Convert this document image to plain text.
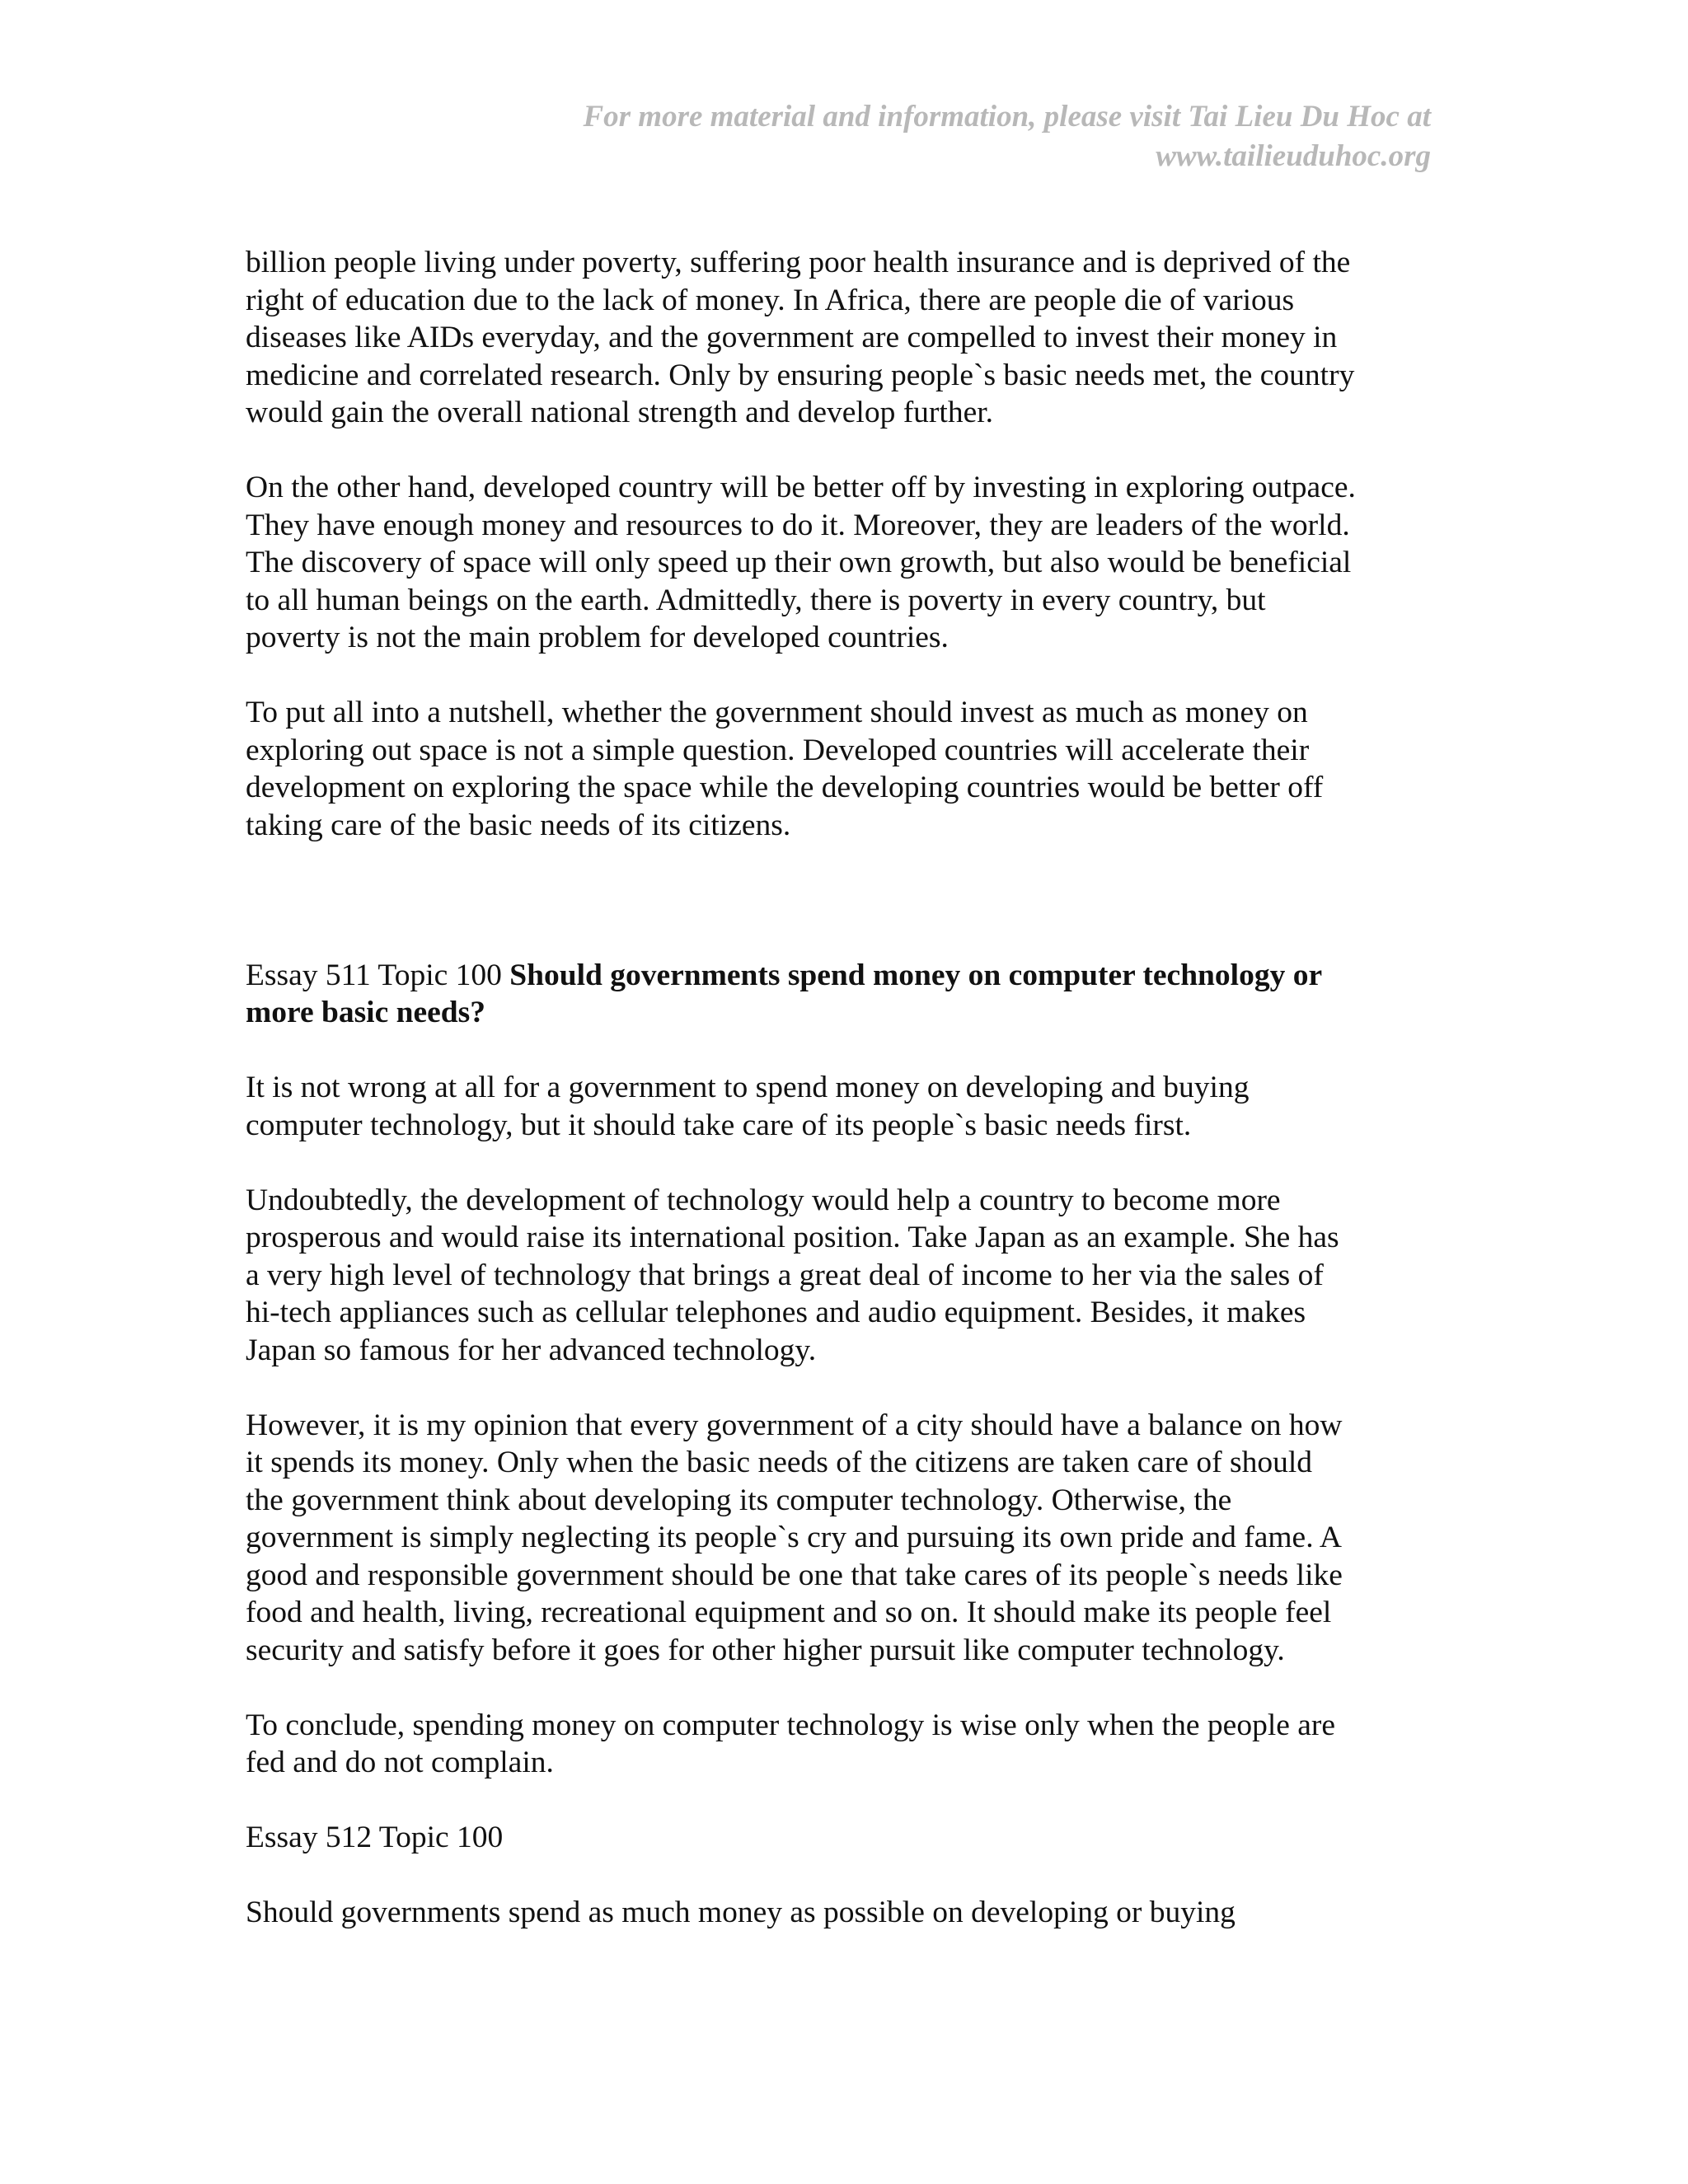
For more material and information, please visit Tai Lieu Du Hoc at
www.tailieuduhoc.org

billion people living under poverty, suffering poor health insurance and is deprived of the
right of education due to the lack of money. In Africa, there are people die of various
diseases like AIDs everyday, and the government are compelled to invest their money in
medicine and correlated research. Only by ensuring people`s basic needs met, the country
would gain the overall national strength and develop further.

On the other hand, developed country will be better off by investing in exploring outpace.
They have enough money and resources to do it. Moreover, they are leaders of the world.
The discovery of space will only speed up their own growth, but also would be beneficial
to all human beings on the earth. Admittedly, there is poverty in every country, but
poverty is not the main problem for developed countries.

To put all into a nutshell, whether the government should invest as much as money on
exploring out space is not a simple question. Developed countries will accelerate their
development on exploring the space while the developing countries would be better off
taking care of the basic needs of its citizens.

Essay 511 Topic 100 Should governments spend money on computer technology or
more basic needs?

It is not wrong at all for a government to spend money on developing and buying
computer technology, but it should take care of its people`s basic needs first.

Undoubtedly, the development of technology would help a country to become more
prosperous and would raise its international position. Take Japan as an example. She has
a very high level of technology that brings a great deal of income to her via the sales of
hi-tech appliances such as cellular telephones and audio equipment. Besides, it makes
Japan so famous for her advanced technology.

However, it is my opinion that every government of a city should have a balance on how
it spends its money. Only when the basic needs of the citizens are taken care of should
the government think about developing its computer technology. Otherwise, the
government is simply neglecting its people`s cry and pursuing its own pride and fame. A
good and responsible government should be one that take cares of its people`s needs like
food and health, living, recreational equipment and so on. It should make its people feel
security and satisfy before it goes for other higher pursuit like computer technology.

To conclude, spending money on computer technology is wise only when the people are
fed and do not complain.

Essay 512 Topic 100

Should governments spend as much money as possible on developing or buying
